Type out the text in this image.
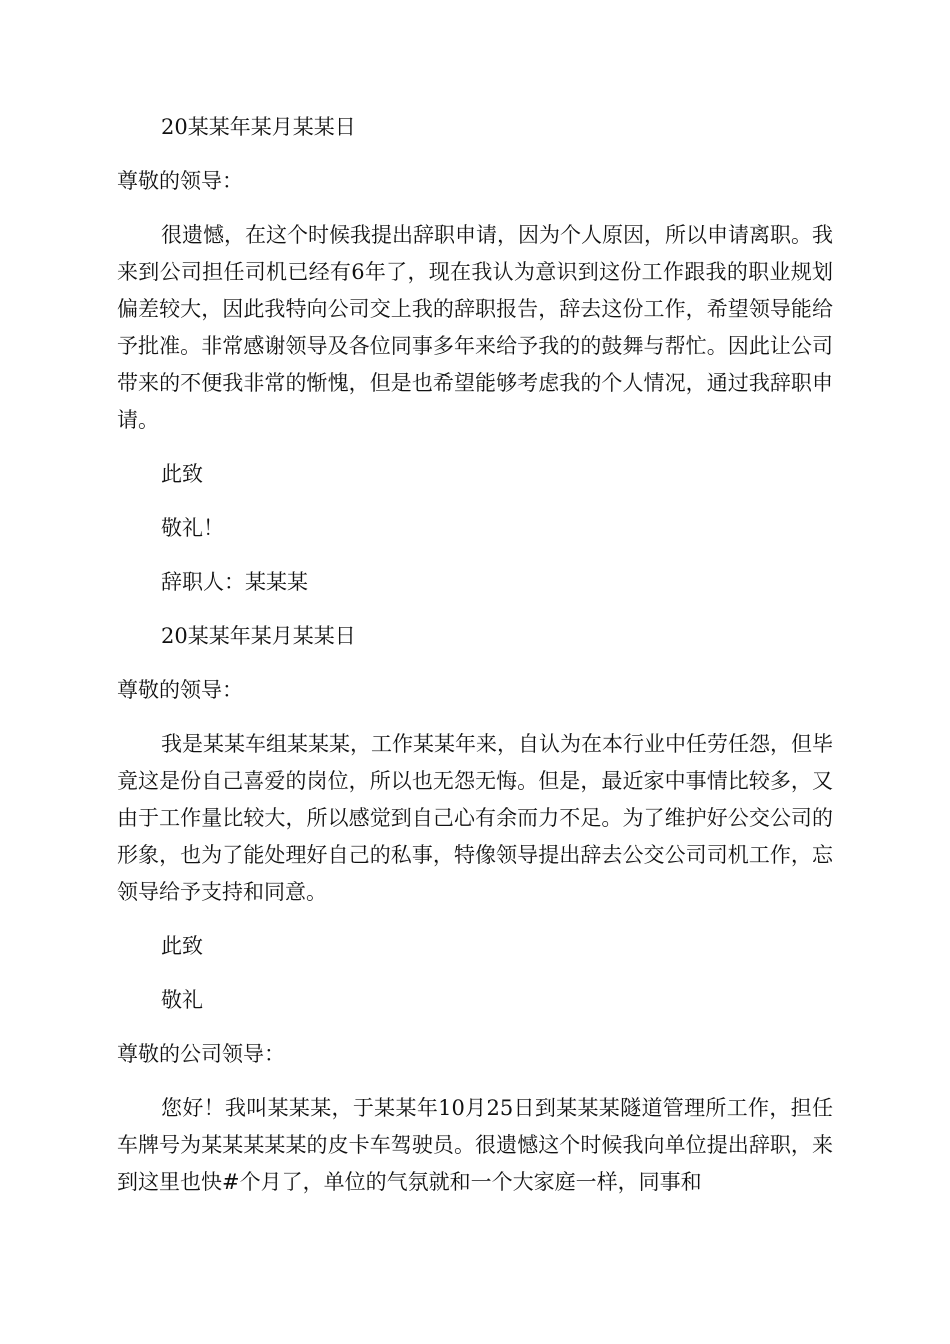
20某某年某月某某日

尊敬的领导：

很遗憾，在这个时候我提出辞职申请，因为个人原因，所以申请离职。我来到公司担任司机已经有6年了，现在我认为意识到这份工作跟我的职业规划偏差较大，因此我特向公司交上我的辞职报告，辞去这份工作，希望领导能给予批准。非常感谢领导及各位同事多年来给予我的的鼓舞与帮忙。因此让公司带来的不便我非常的惭愧，但是也希望能够考虑我的个人情况，通过我辞职申请。

此致

敬礼！

辞职人：某某某

20某某年某月某某日

尊敬的领导：

我是某某车组某某某，工作某某年来，自认为在本行业中任劳任怨，但毕竟这是份自己喜爱的岗位，所以也无怨无悔。但是，最近家中事情比较多，又由于工作量比较大，所以感觉到自己心有余而力不足。为了维护好公交公司的形象，也为了能处理好自己的私事，特像领导提出辞去公交公司司机工作，忘领导给予支持和同意。

此致

敬礼

尊敬的公司领导：

您好！我叫某某某，于某某年10月25日到某某某隧道管理所工作，担任车牌号为某某某某某的皮卡车驾驶员。很遗憾这个时候我向单位提出辞职，来到这里也快#个月了，单位的气氛就和一个大家庭一样，同事和
